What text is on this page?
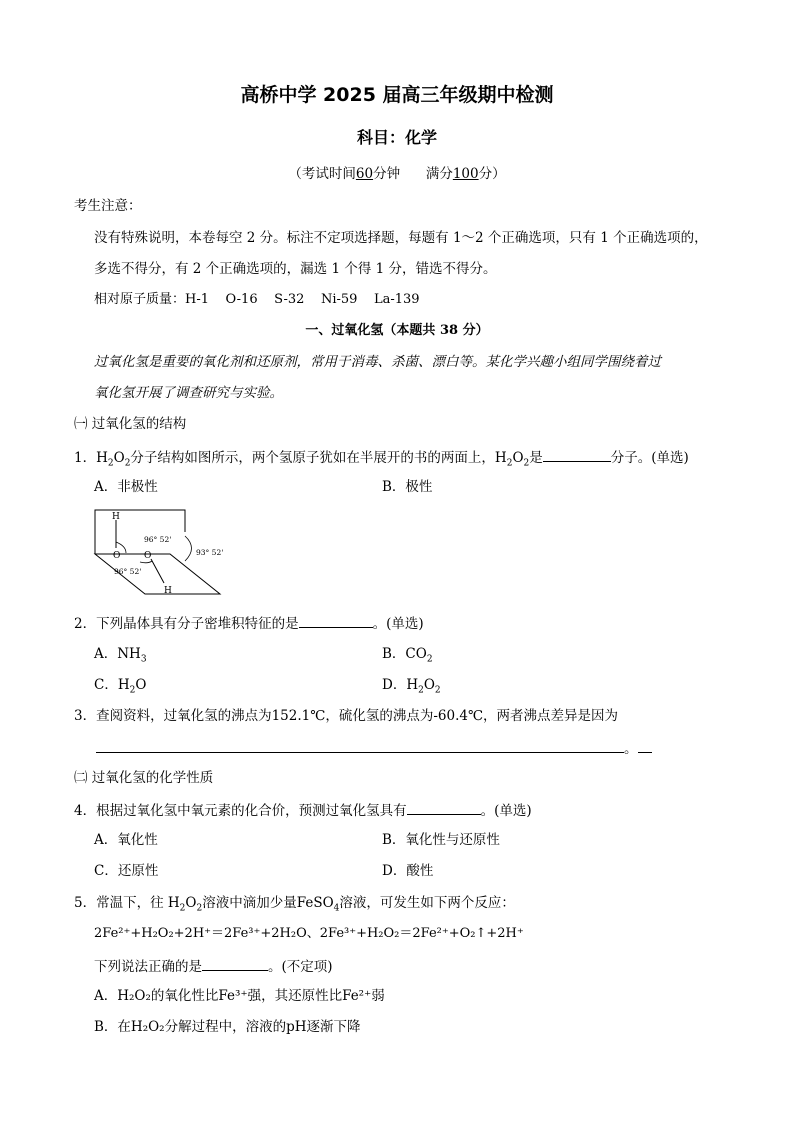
高桥中学 2025 届高三年级期中检测
科目：化学
（考试时间60分钟      满分100分）
考生注意：
没有特殊说明，本卷每空 2 分。标注不定项选择题，每题有 1～2 个正确选项，只有 1 个正确选项的，
多选不得分，有 2 个正确选项的，漏选 1 个得 1 分，错选不得分。
相对原子质量：H-1    O-16    S-32    Ni-59    La-139
一、过氧化氢（本题共 38 分）
过氧化氢是重要的氧化剂和还原剂，常用于消毒、杀菌、漂白等。某化学兴趣小组同学围绕着过
氧化氢开展了调查研究与实验。
㈠ 过氧化氢的结构
1．$H_2O_2$分子结构如图所示，两个氢原子犹如在半展开的书的两面上，$H_2O_2$是	分子。(单选)
A．非极性	B．极性
H
H
O	O
96° 52'
96° 52'
93° 52'
2．下列晶体具有分子密堆积特征的是	。(单选)
A．$NH_3$	B．$CO_2$
C．$H_2O$	D．$H_2O_2$
3．查阅资料，过氧化氢的沸点为152.1℃，硫化氢的沸点为-60.4℃，两者沸点差异是因为
。
㈡ 过氧化氢的化学性质
4．根据过氧化氢中氧元素的化合价，预测过氧化氢具有	。(单选)
A．氧化性	B．氧化性与还原性
C．还原性	D．酸性
5．常温下，往 $H_2O_2$溶液中滴加少量FeSO$_4$溶液，可发生如下两个反应：
2Fe²⁺+H₂O₂+2H⁺＝2Fe³⁺+2H₂O、2Fe³⁺+H₂O₂＝2Fe²⁺+O₂↑+2H⁺
下列说法正确的是	。(不定项)
A．H₂O₂的氧化性比Fe³⁺强，其还原性比Fe²⁺弱
B．在H₂O₂分解过程中，溶液的pH逐渐下降
